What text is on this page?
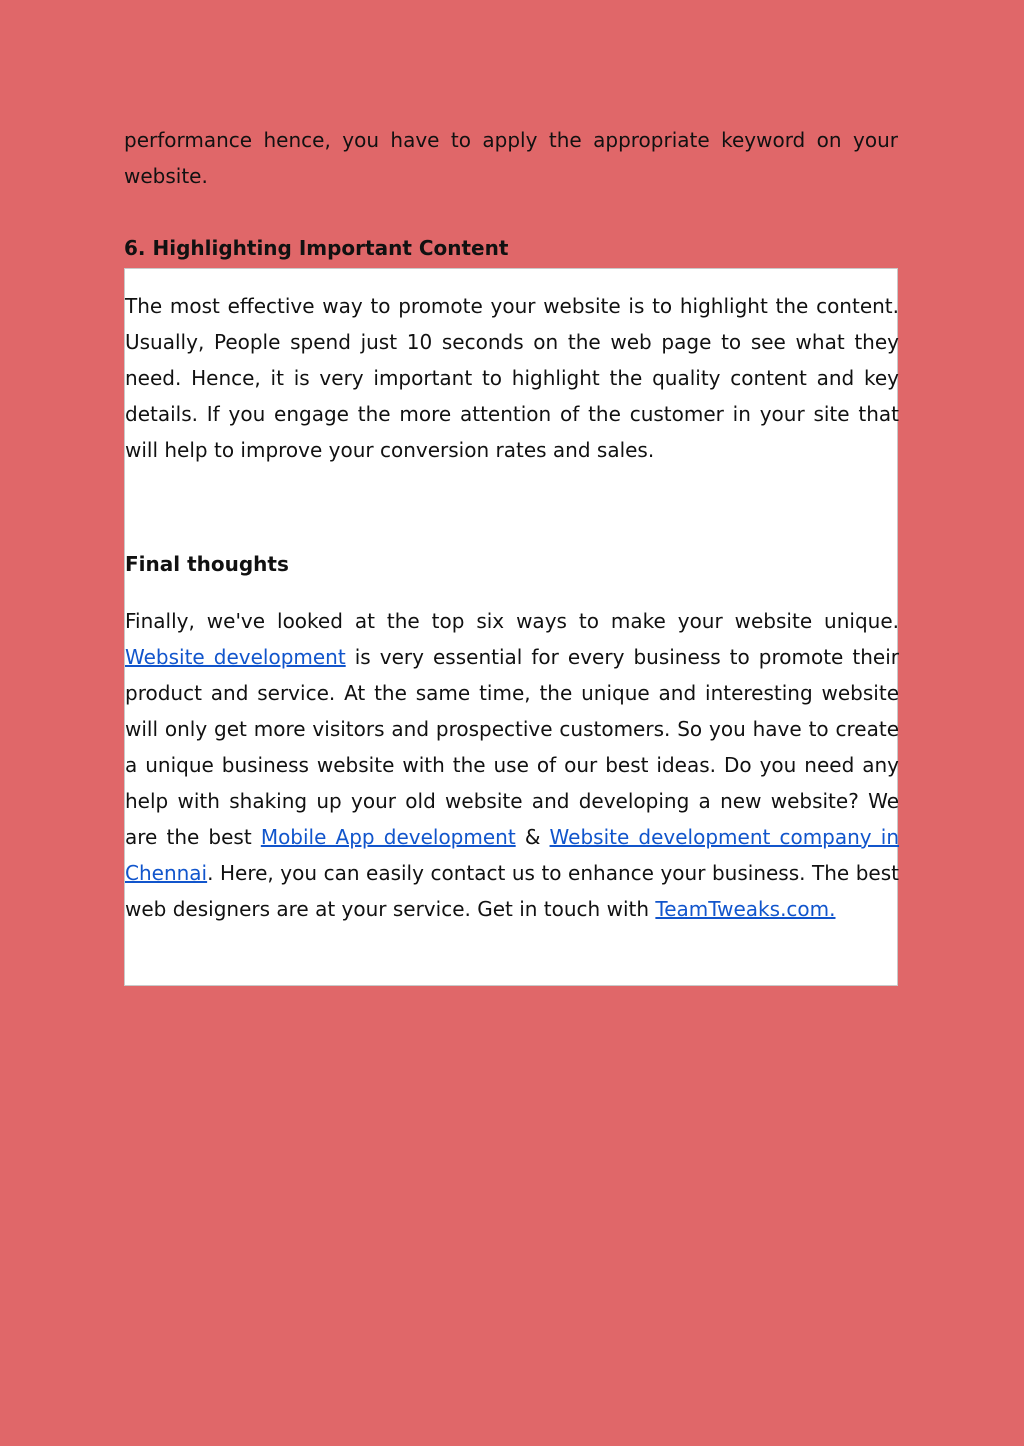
performance hence, you have to apply the appropriate keyword on your website.

6. Highlighting Important Content

The most effective way to promote your website is to highlight the content. Usually, People spend just 10 seconds on the web page to see what they need. Hence, it is very important to highlight the quality content and key details. If you engage the more attention of the customer in your site that will help to improve your conversion rates and sales.

Final thoughts

Finally, we've looked at the top six ways to make your website unique. Website development is very essential for every business to promote their product and service. At the same time, the unique and interesting website will only get more visitors and prospective customers. So you have to create a unique business website with the use of our best ideas. Do you need any help with shaking up your old website and developing a new website? We are the best Mobile App development & Website development company in Chennai. Here, you can easily contact us to enhance your business. The best web designers are at your service. Get in touch with TeamTweaks.com.
